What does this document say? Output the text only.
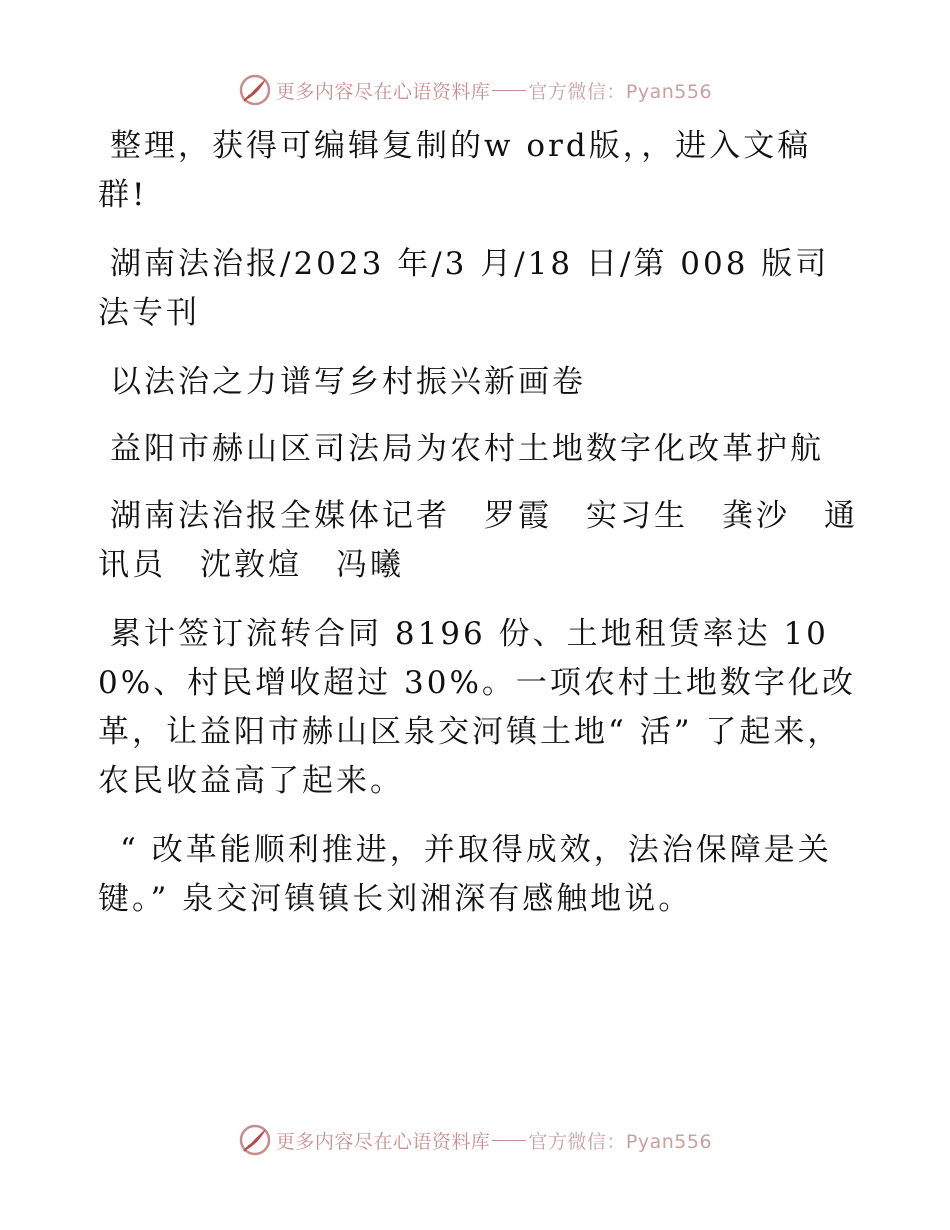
更多内容尽在心语资料库 官方微信：Pyan556

整理，获得可编辑复制的w ord版，，进入文稿群!

湖南法治报/2023 年/3 月/18 日/第 008 版司法专刊

以法治之力谱写乡村振兴新画卷

益阳市赫山区司法局为农村土地数字化改革护航

湖南法治报全媒体记者　罗霞　实习生　龚沙　通讯员　沈敦煊　冯曦

累计签订流转合同 8196 份、土地租赁率达 100%、村民增收超过 30%。一项农村土地数字化改革，让益阳市赫山区泉交河镇土地“ 活” 了起来，农民收益高了起来。

“ 改革能顺利推进，并取得成效，法治保障是关键。” 泉交河镇镇长刘湘深有感触地说。

更多内容尽在心语资料库 官方微信：Pyan556
